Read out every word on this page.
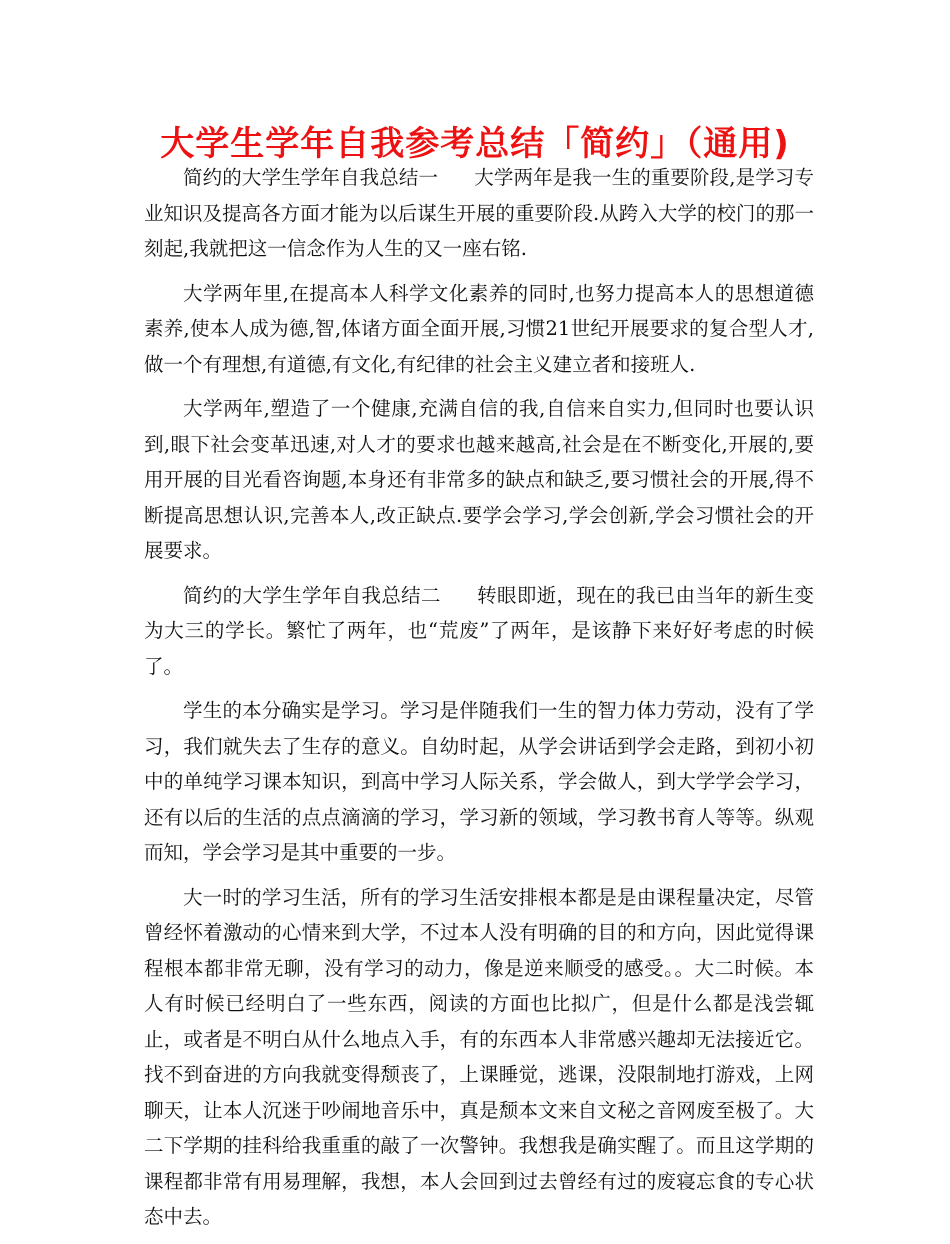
大学生学年自我参考总结「简约」（通用)

简约的大学生学年自我总结一 大学两年是我一生的重要阶段,是学习专业知识及提高各方面才能为以后谋生开展的重要阶段.从跨入大学的校门的那一刻起,我就把这一信念作为人生的又一座右铭.

大学两年里,在提高本人科学文化素养的同时,也努力提高本人的思想道德素养,使本人成为德,智,体诸方面全面开展,习惯21世纪开展要求的复合型人才,做一个有理想,有道德,有文化,有纪律的社会主义建立者和接班人.

大学两年,塑造了一个健康,充满自信的我,自信来自实力,但同时也要认识到,眼下社会变革迅速,对人才的要求也越来越高,社会是在不断变化,开展的,要用开展的目光看咨询题,本身还有非常多的缺点和缺乏,要习惯社会的开展,得不断提高思想认识,完善本人,改正缺点.要学会学习,学会创新,学会习惯社会的开展要求。

简约的大学生学年自我总结二 转眼即逝，现在的我已由当年的新生变为大三的学长。繁忙了两年，也“荒废”了两年，是该静下来好好考虑的时候了。

学生的本分确实是学习。学习是伴随我们一生的智力体力劳动，没有了学习，我们就失去了生存的意义。自幼时起，从学会讲话到学会走路，到初小初中的单纯学习课本知识，到高中学习人际关系，学会做人，到大学学会学习，还有以后的生活的点点滴滴的学习，学习新的领域，学习教书育人等等。纵观而知，学会学习是其中重要的一步。

大一时的学习生活，所有的学习生活安排根本都是是由课程量决定，尽管曾经怀着激动的心情来到大学，不过本人没有明确的目的和方向，因此觉得课程根本都非常无聊，没有学习的动力，像是逆来顺受的感受。。大二时候。本人有时候已经明白了一些东西，阅读的方面也比拟广，但是什么都是浅尝辄止，或者是不明白从什么地点入手，有的东西本人非常感兴趣却无法接近它。找不到奋进的方向我就变得颓丧了，上课睡觉，逃课，没限制地打游戏，上网聊天，让本人沉迷于吵闹地音乐中，真是颓本文来自文秘之音网废至极了。大二下学期的挂科给我重重的敲了一次警钟。我想我是确实醒了。而且这学期的课程都非常有用易理解，我想，本人会回到过去曾经有过的废寝忘食的专心状态中去。
